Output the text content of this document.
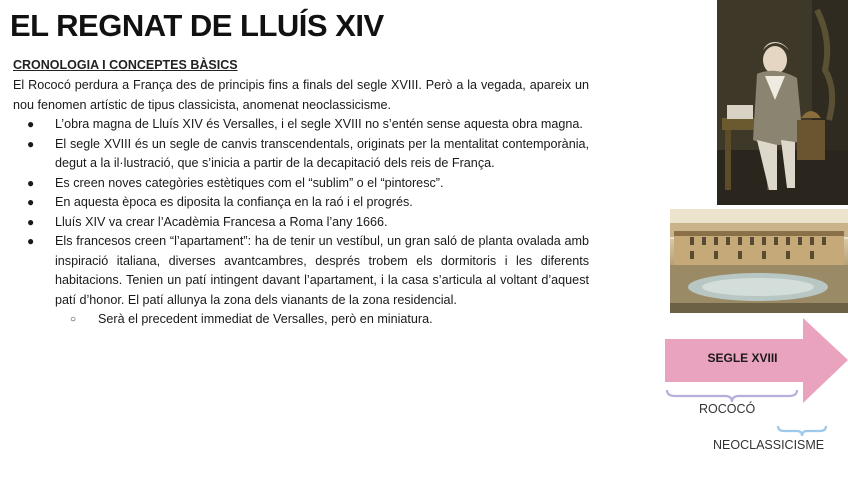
EL REGNAT DE LLUÍS XIV
CRONOLOGIA I CONCEPTES BÀSICS

El Rococó perdura a França des de principis fins a finals del segle XVIII. Però a la vegada, apareix un nou fenomen artístic de tipus classicista, anomenat neoclassicisme.

● L’obra magna de Lluís XIV és Versalles, i el segle XVIII no s’entén sense aquesta obra magna.
● El segle XVIII és un segle de canvis transcendentals, originats per la mentalitat contemporània, degut a la il·lustració, que s’inicia a partir de la decapitació dels reis de França.
● Es creen noves categòries estètiques com el “sublim” o el “pintoresc”.
● En aquesta època es diposita la confiança en la raó i el progrés.
● Lluís XIV va crear l’Acadèmia Francesa a Roma l’any 1666.
● Els francesos creen “l’apartament”: ha de tenir un vestíbul, un gran saló de planta ovalada amb inspiració italiana, diverses avantcambres, després trobem els dormitoris i les diferents habitacions. Tenien un patí intingent davant l’apartament, i la casa s’articula al voltant d’aquest patí d’honor. El patí allunya la zona dels vianants de la zona residencial.
○ Serà el precedent immediat de Versalles, però en miniatura.
SEGLE XVIII
ROCOCÓ
NEOCLASSICISME
